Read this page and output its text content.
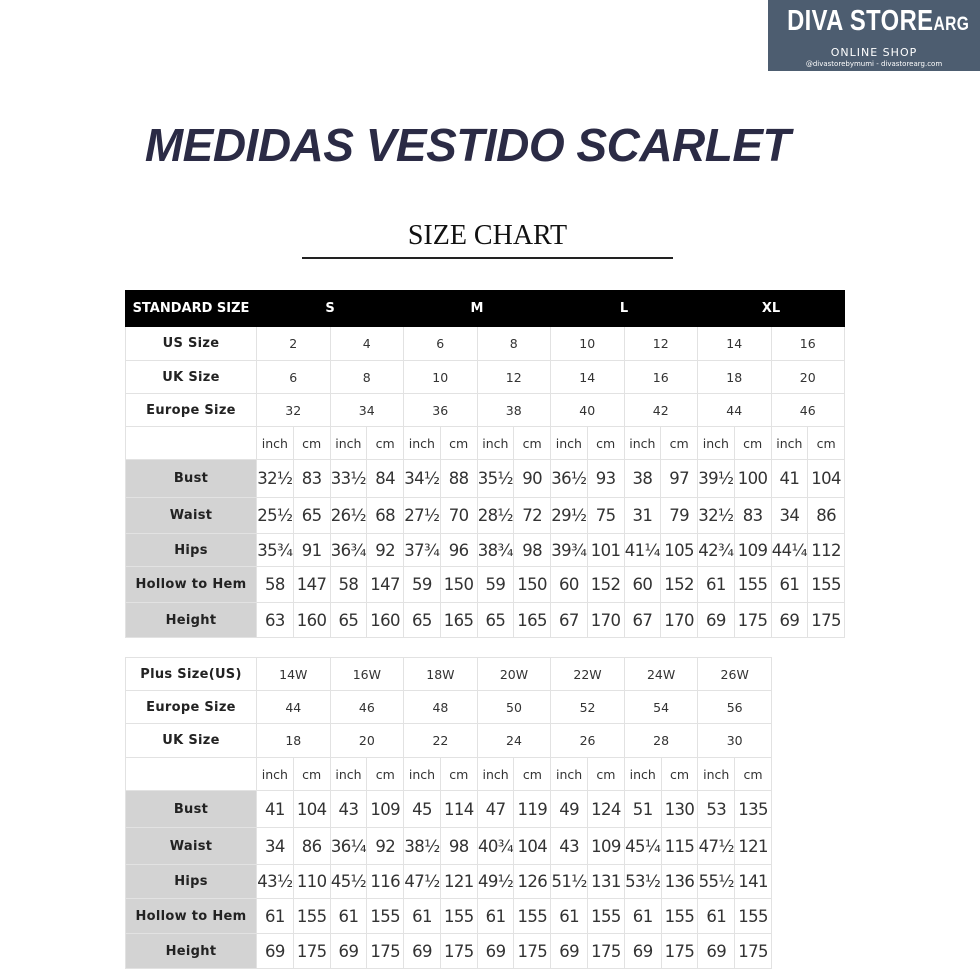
DIVA STOREARG
ONLINE SHOP
@divastorebymumi - divastorearg.com
MEDIDAS VESTIDO SCARLET
SIZE CHART
STANDARD SIZE	S				M				L				XL			
US Size	2		4		6		8		10		12		14		16	
UK Size	6		8		10		12		14		16		18		20	
Europe Size	32		34		36		38		40		42		44		46	
	inch	cm	inch	cm	inch	cm	inch	cm	inch	cm	inch	cm	inch	cm	inch	cm
Bust	32½	83	33½	84	34½	88	35½	90	36½	93	38	97	39½	100	41	104
Waist	25½	65	26½	68	27½	70	28½	72	29½	75	31	79	32½	83	34	86
Hips	35¾	91	36¾	92	37¾	96	38¾	98	39¾	101	41¼	105	42¾	109	44¼	112
Hollow to Hem	58	147	58	147	59	150	59	150	60	152	60	152	61	155	61	155
Height	63	160	65	160	65	165	65	165	67	170	67	170	69	175	69	175
Plus Size(US)	14W		16W		18W		20W		22W		24W		26W	
Europe Size	44		46		48		50		52		54		56	
UK Size	18		20		22		24		26		28		30	
	inch	cm	inch	cm	inch	cm	inch	cm	inch	cm	inch	cm	inch	cm
Bust	41	104	43	109	45	114	47	119	49	124	51	130	53	135
Waist	34	86	36¼	92	38½	98	40¾	104	43	109	45¼	115	47½	121
Hips	43½	110	45½	116	47½	121	49½	126	51½	131	53½	136	55½	141
Hollow to Hem	61	155	61	155	61	155	61	155	61	155	61	155	61	155
Height	69	175	69	175	69	175	69	175	69	175	69	175	69	175
